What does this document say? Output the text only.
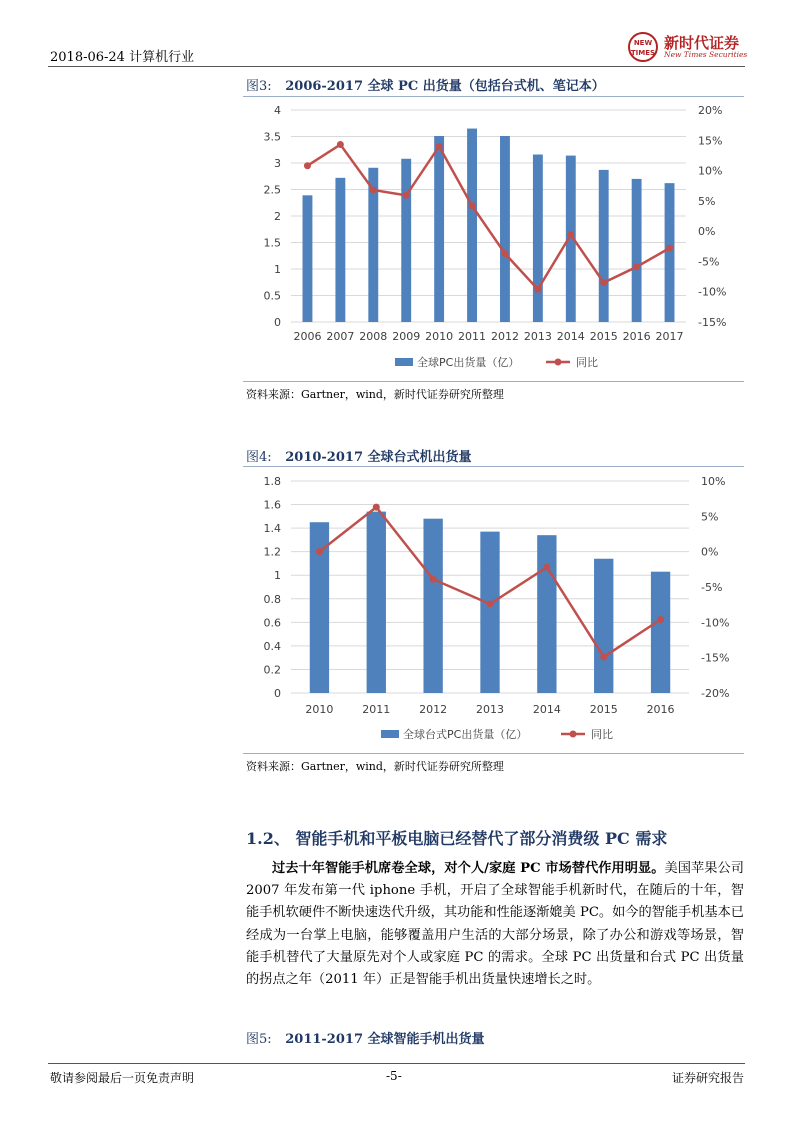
2018-06-24 计算机行业
NEW TIMES
新时代证券
New Times Securities
图3: 2006-2017 全球 PC 出货量（包括台式机、笔记本）
0
0.5
1
1.5
2
2.5
3
3.5
4
-15%
-10%
-5%
0%
5%
10%
15%
20%
2006 2007 2008 2009 2010 2011 2012 2013 2014 2015 2016 2017
全球PC出货量（亿）	同比
资料来源：Gartner，wind，新时代证券研究所整理
图4: 2010-2017 全球台式机出货量
0
0.2
0.4
0.6
0.8
1
1.2
1.4
1.6
1.8
-20%
-15%
-10%
-5%
0%
5%
10%
2010	2011	2012	2013	2014	2015	2016
全球台式PC出货量（亿）	同比
资料来源：Gartner，wind，新时代证券研究所整理
1.2、 智能手机和平板电脑已经替代了部分消费级 PC 需求

过去十年智能手机席卷全球，对个人/家庭 PC 市场替代作用明显。美国苹果公司 2007 年发布第一代 iphone 手机，开启了全球智能手机新时代，在随后的十年，智能手机软硬件不断快速迭代升级，其功能和性能逐渐媲美 PC。如今的智能手机基本已经成为一台掌上电脑，能够覆盖用户生活的大部分场景，除了办公和游戏等场景，智能手机替代了大量原先对个人或家庭 PC 的需求。全球 PC 出货量和台式 PC 出货量的拐点之年（2011 年）正是智能手机出货量快速增长之时。

图5: 2011-2017 全球智能手机出货量
敬请参阅最后一页免责声明	-5-	证券研究报告
